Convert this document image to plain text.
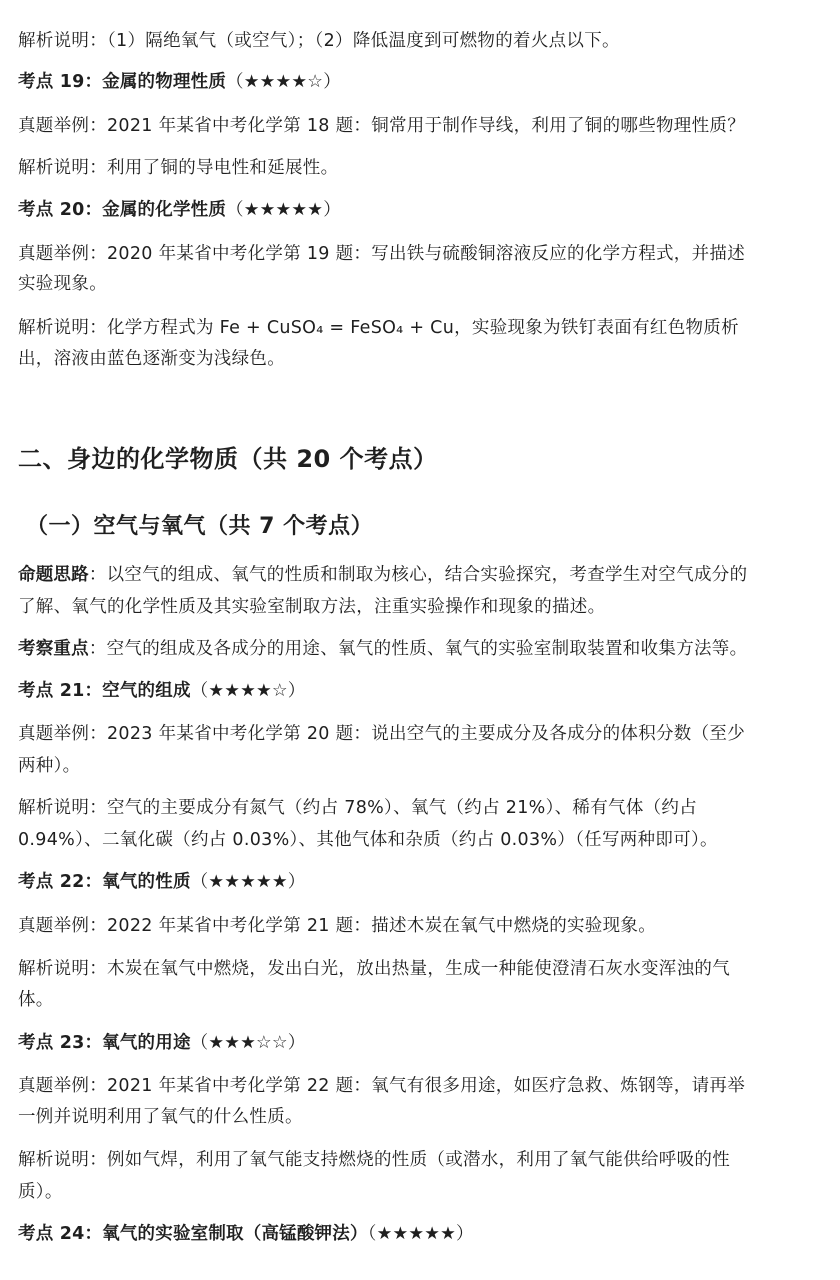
解析说明：（1）隔绝氧气（或空气）；（2）降低温度到可燃物的着火点以下。

考点 19：金属的物理性质（★★★★☆）

真题举例：2021 年某省中考化学第 18 题：铜常用于制作导线，利用了铜的哪些物理性质？

解析说明：利用了铜的导电性和延展性。

考点 20：金属的化学性质（★★★★★）

真题举例：2020 年某省中考化学第 19 题：写出铁与硫酸铜溶液反应的化学方程式，并描述

实验现象。

解析说明：化学方程式为 Fe + CuSO₄ = FeSO₄ + Cu，实验现象为铁钉表面有红色物质析

出，溶液由蓝色逐渐变为浅绿色。

二、身边的化学物质（共 20 个考点）
（一）空气与氧气（共 7 个考点）

命题思路：以空气的组成、氧气的性质和制取为核心，结合实验探究，考查学生对空气成分的

了解、氧气的化学性质及其实验室制取方法，注重实验操作和现象的描述。

考察重点：空气的组成及各成分的用途、氧气的性质、氧气的实验室制取装置和收集方法等。

考点 21：空气的组成（★★★★☆）

真题举例：2023 年某省中考化学第 20 题：说出空气的主要成分及各成分的体积分数（至少

两种）。

解析说明：空气的主要成分有氮气（约占 78%）、氧气（约占 21%）、稀有气体（约占

0.94%）、二氧化碳（约占 0.03%）、其他气体和杂质（约占 0.03%）（任写两种即可）。

考点 22：氧气的性质（★★★★★）

真题举例：2022 年某省中考化学第 21 题：描述木炭在氧气中燃烧的实验现象。

解析说明：木炭在氧气中燃烧，发出白光，放出热量，生成一种能使澄清石灰水变浑浊的气

体。

考点 23：氧气的用途（★★★☆☆）

真题举例：2021 年某省中考化学第 22 题：氧气有很多用途，如医疗急救、炼钢等，请再举

一例并说明利用了氧气的什么性质。

解析说明：例如气焊，利用了氧气能支持燃烧的性质（或潜水，利用了氧气能供给呼吸的性

质）。

考点 24：氧气的实验室制取（高锰酸钾法）（★★★★★）
